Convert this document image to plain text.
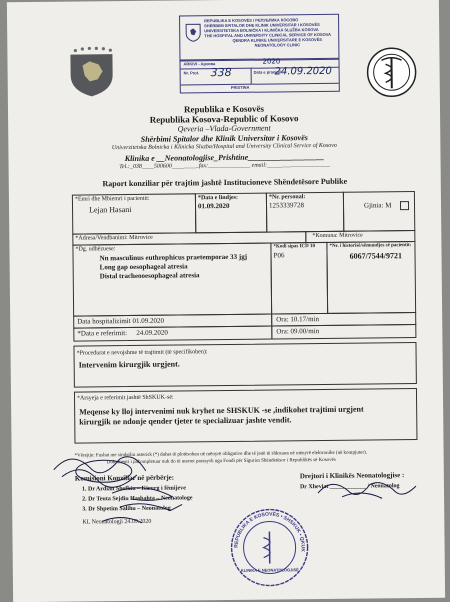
REPUBLIKA E KOSOVËS / РЕПУБЛИКА КОСОВО
SHËRBIMI SPITALOR DHE KLINIK UNIVERSITAR I KOSOVËS
UNIVERSITETSKA BOLNIČKA I KLINIČKA SLUŽBA KOSOVA
THE HOSPITAL AND UNIVERSITY CLINICAL SERVICE OF KOSOVA
QENDRA KLINIKE UNIVERSITARE E KOSOVËS
NEONATOLOGY CLINIC
ARKIVI - Архива	2020
Nr. Prot. 338	Data e pranimit
24.09.2020
PRISTINA
Republika e Kosovës
Republika Kosova-Republic of Kosovo
Qeveria –Vlada-Government
Shërbimi Spitalor dhe Klinik Universitar i Kosovës
Univerzitetska Bolnicka i Klinicka Sluzba/Hospital and University Clinical Service of Kosovo
Klinika e __Neonatologjise_Prishtine___________________
Tel.:_038____500600_________fax:______________ email:_____________________
Raport konziliar për trajtim jashtë Institucioneve Shëndetësore Publike
*Emri dhe Mbiemri i pacientit:
Lejan Hasani
*Data e lindjes:
01.09.2020
*Nr. personal:
1253339728	Gjinia: M
*Adresa/Vendbanimi: Mitrovice	*Komuna: Mitrovice
*Dg. udhëzuese:
Nn masculinus euthrophicus praetemporae 33 jgj
Long gap oesophageal atresia
Distal tracheooesophageal atresia
*Kodi sipas ICD 10
P06
*Nr. i historisë/sëmundjes së pacientit:
6067/7544/9721
Data hospitalizimit 01.09.2020	Ora: 10.17/min
*Data e referimit: 24.09.2020	Ora: 09.00/min
*Procedurat e nevojshme të trajtimit (të specifikohen):
Intervenim kirurgjik urgjent.
*Arsyeja e referimit jashtë ShSKUK-së:
Meqense ky lloj intervenimi nuk kryhet ne SHSKUK -se ,indikohet trajtimi urgjent
kirurgjik ne ndonje qender tjeter te specializuar jashte vendit.
*Vërejtje: Fushat me simbolin asterisk (*) duhet të plotësohen në mënyrë obligative dhe të jenë të shkruara në mënyrë elektronike (në kompjuter).
Dokumenti i pakompletuar nuk do të merret parasysh nga Fondi për Sigurim Shëndetësor i Republikës së Kosovës
Komisioni Konziliar në përbërje:
1. Dr Ardian Shefkiu – Kirurg i fëmijeve
2. Dr Teuta Sejdiu Hasbahta – Neonatologe
3. Dr Shpetim Salihu – Neonatolog
KL Neonatologji 24.09.2020
Drejtori i Klinikës Neonatologjise :
Dr Xheviat ____________ / Neonatolog
REPUBLIKA E KOSOVËS • SHSKUK • QKUK
KLINIKA E NEONATOLOGJISË
